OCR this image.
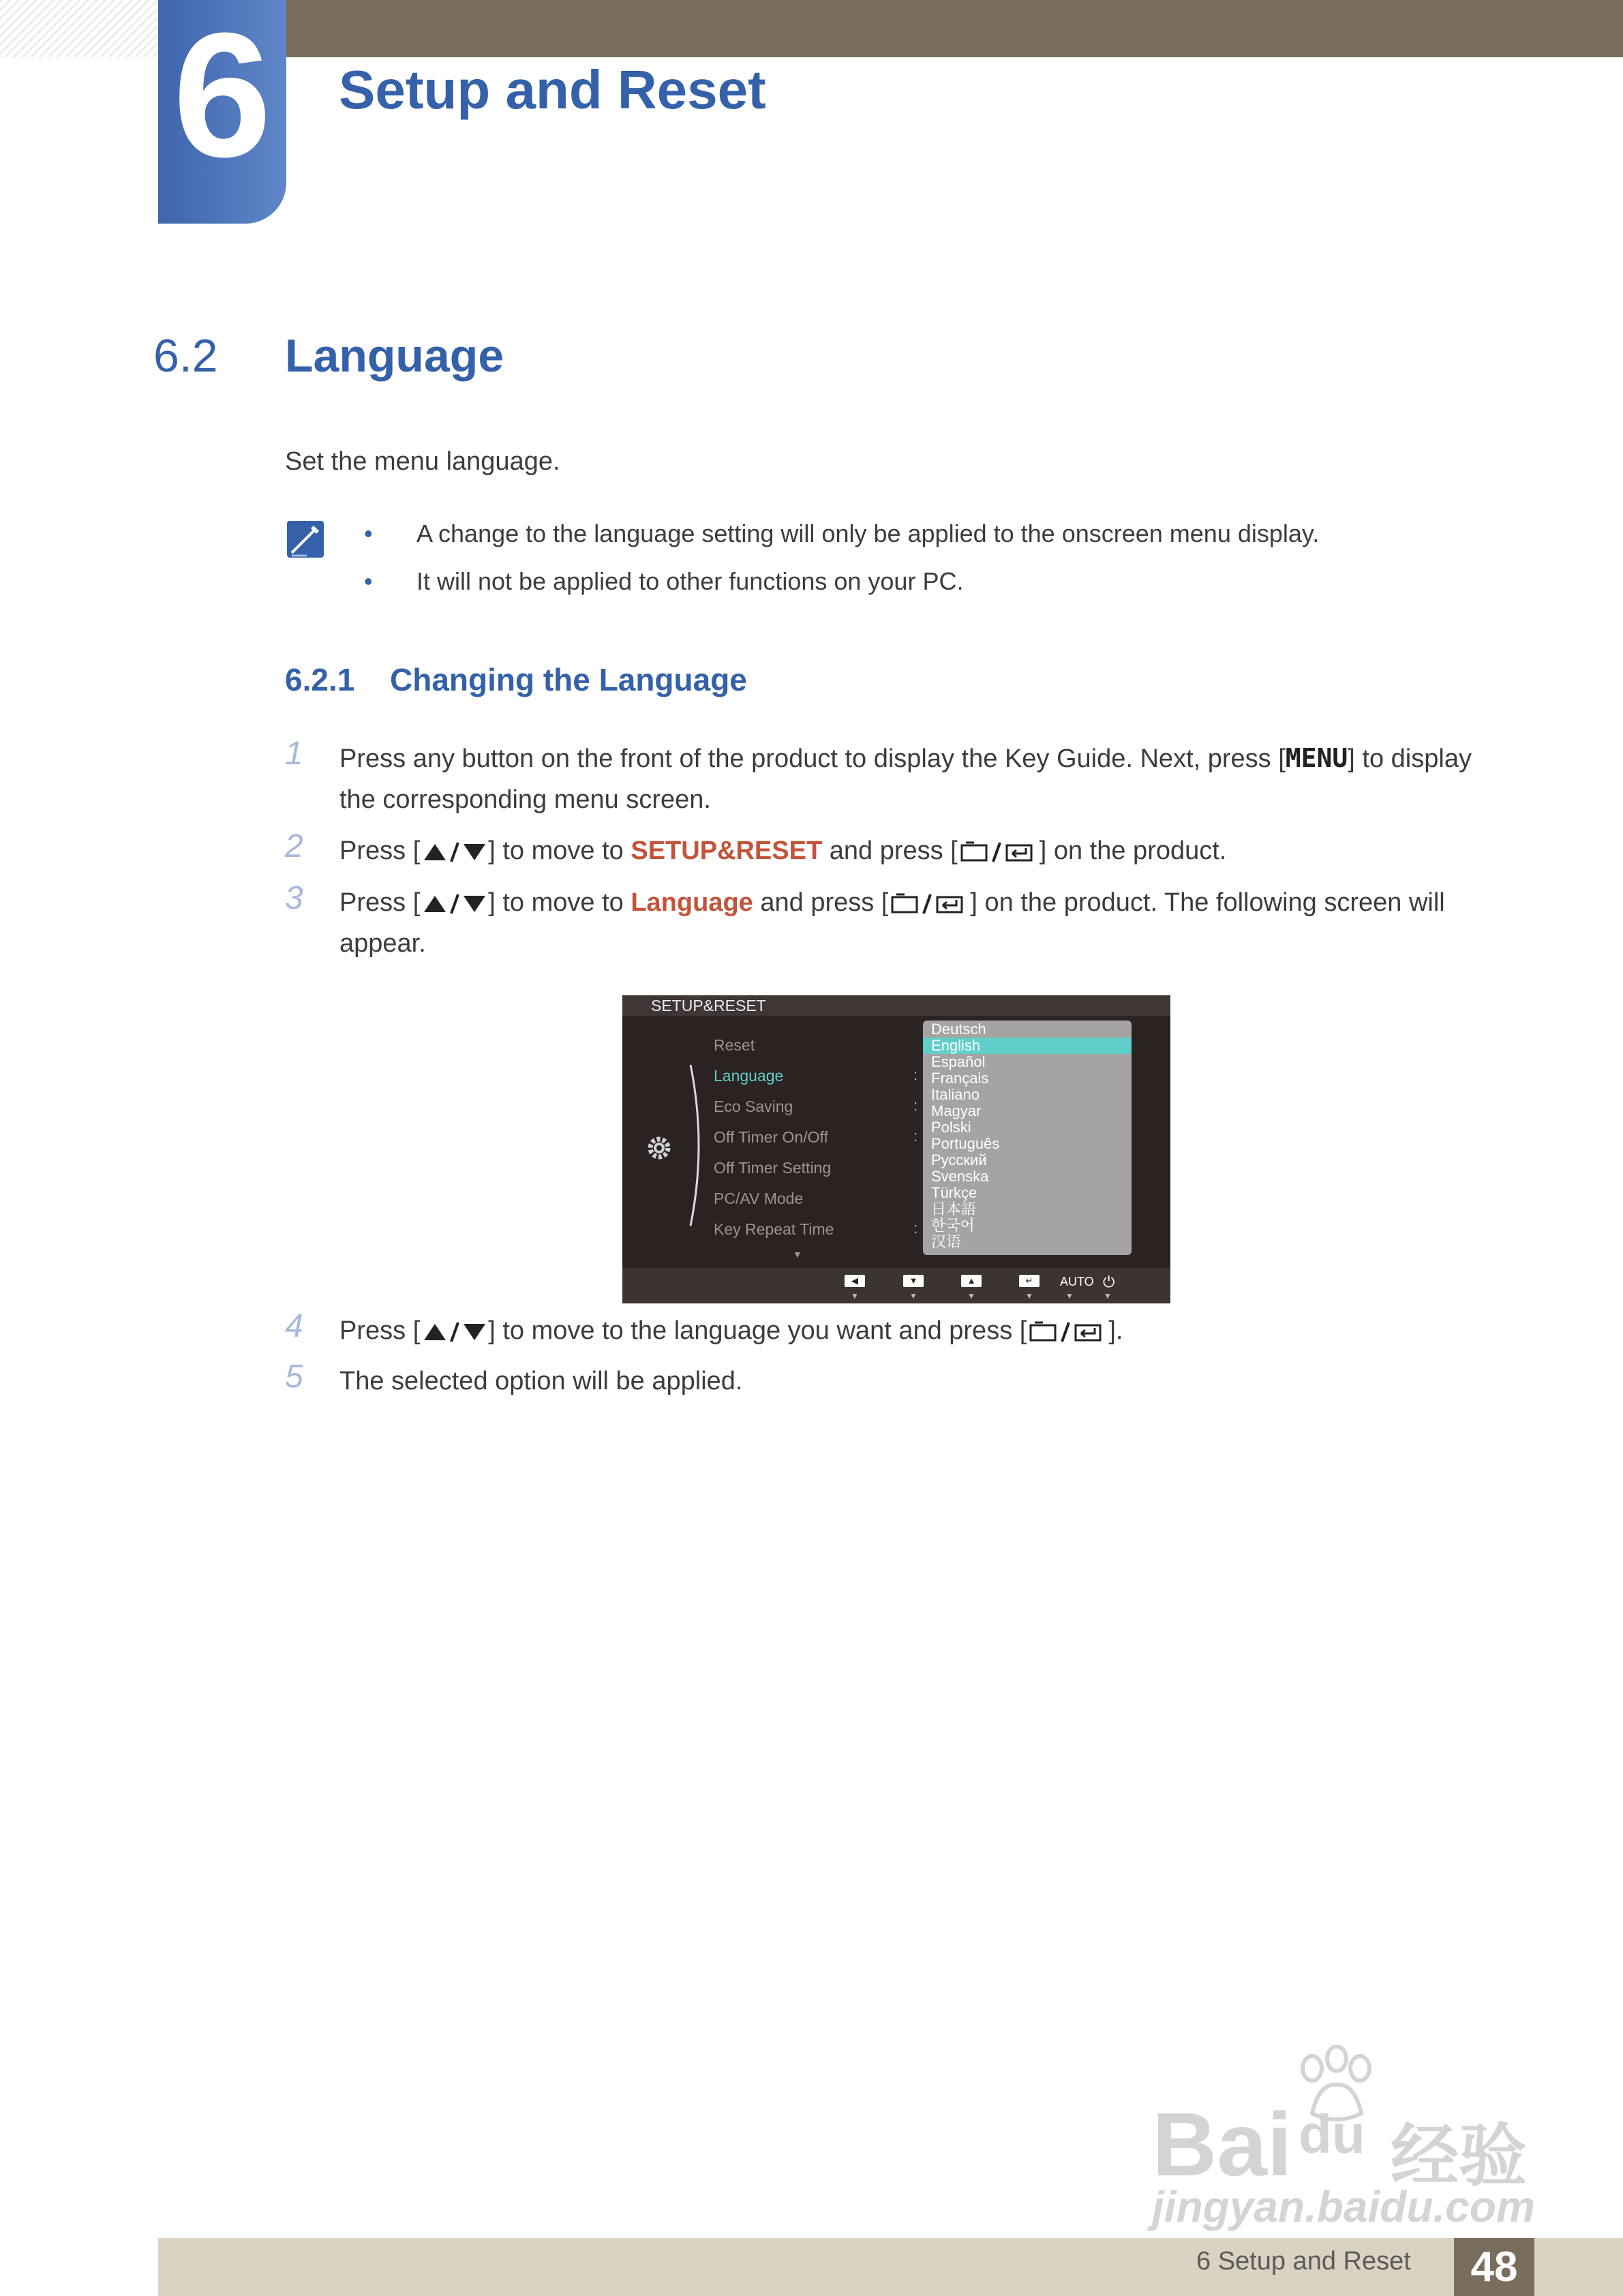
6 Setup and Reset
6.2 Language
Set the menu language.
• A change to the language setting will only be applied to the onscreen menu display.
• It will not be applied to other functions on your PC.
6.2.1 Changing the Language
1 Press any button on the front of the product to display the Key Guide. Next, press [MENU] to display the corresponding menu screen.
2 Press [	] to move to SETUP&RESET and press [	] on the product.
3 Press [	] to move to Language and press [	] on the product. The following screen will appear.
SETUP&RESET
Reset
Language
Eco Saving
Off Timer On/Off
Off Timer Setting
PC/AV Mode
Key Repeat Time
▼
:
:
:
:
Deutsch
English
Español
Français
Italiano
Magyar
Polski
Português
Русский
Svenska
Türkçe
日本語
한국어
汉语
◀
▼
▼
▼
▲
▼
↵
▼
AUTO
▼
⏻
▼
4 Press [	] to move to the language you want and press [	].
5 The selected option will be applied.
Bai du 经验
jingyan.baidu.com
6 Setup and Reset	48
